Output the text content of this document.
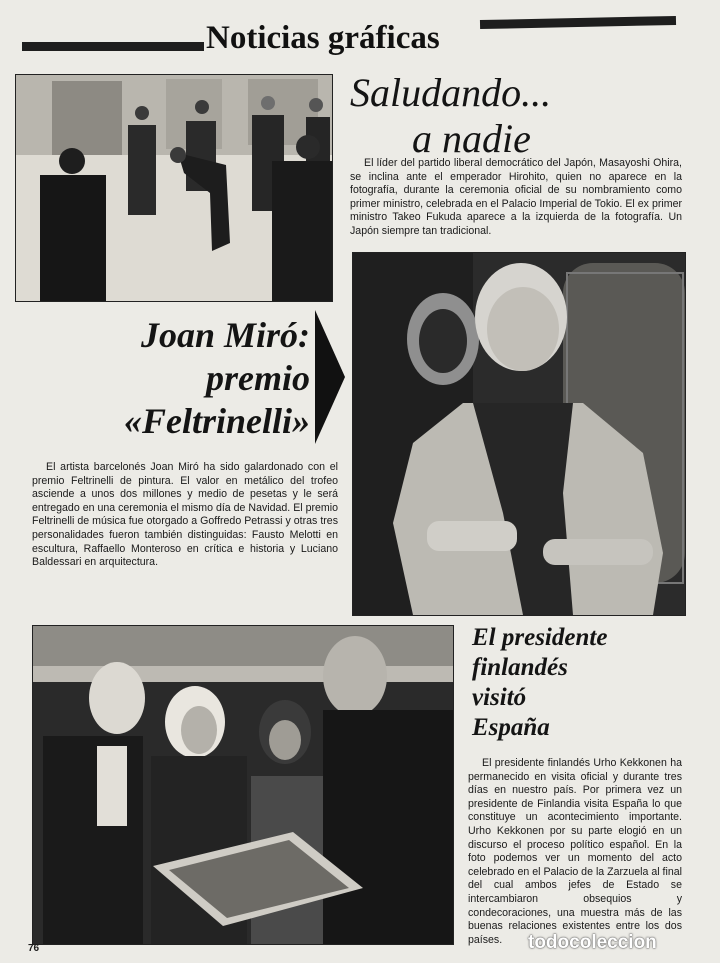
Noticias gráficas
Saludando...
a nadie
El líder del partido liberal democrático del Japón, Masayoshi Ohira, se inclina ante el emperador Hirohito, quien no aparece en la fotografía, durante la ceremonia oficial de su nombramiento como primer ministro, celebrada en el Palacio Imperial de Tokio. El ex primer ministro Takeo Fukuda aparece a la izquierda de la fotografía. Un Japón siempre tan tradicional.
Joan Miró:
premio
«Feltrinelli»
El artista barcelonés Joan Miró ha sido galardonado con el premio Feltrinelli de pintura. El valor en metálico del trofeo asciende a unos dos millones y medio de pesetas y le será entregado en una ceremonia el mismo día de Navidad. El premio Feltrinelli de música fue otorgado a Goffredo Petrassi y otras tres personalidades fueron también distinguidas: Fausto Melotti en escultura, Raffaello Monteroso en crítica e historia y Luciano Baldessari en arquitectura.
El presidente
finlandés
visitó
España
El presidente finlandés Urho Kekkonen ha permanecido en visita oficial y durante tres días en nuestro país. Por primera vez un presidente de Finlandia visita España lo que constituye un acontecimiento importante. Urho Kekkonen por su parte elogió en un discurso el proceso político español. En la foto podemos ver un momento del acto celebrado en el Palacio de la Zarzuela al final del cual ambos jefes de Estado se intercambiaron obsequios y condecoraciones, una muestra más de las buenas relaciones existentes entre los dos países.
76	todocoleccion
